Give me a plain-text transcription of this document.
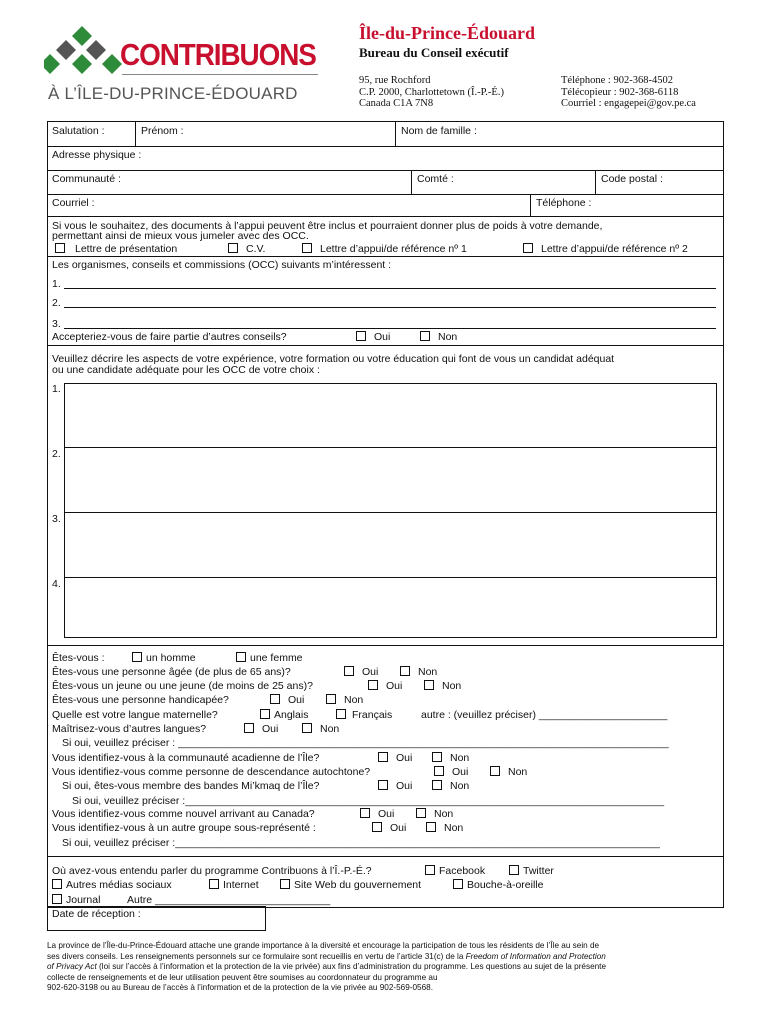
CONTRIBUONS
À L’ÎLE-DU-PRINCE-ÉDOUARD
Île-du-Prince-Édouard
Bureau du Conseil exécutif
95, rue Rochford
C.P. 2000, Charlottetown (Î.-P.-É.)
Canada C1A 7N8
Téléphone : 902-368-4502
Télécopieur : 902-368-6118
Courriel : engagepei@gov.pe.ca
Salutation :	Prénom :	Nom de famille :
Adresse physique :
Communauté :	Comté :	Code postal :
Courriel :	Téléphone :
Si vous le souhaitez, des documents à l’appui peuvent être inclus et pourraient donner plus de poids à votre demande,
permettant ainsi de mieux vous jumeler avec des OCC.
Lettre de présentation	C.V.	Lettre d’appui/de référence nº 1	Lettre d’appui/de référence nº 2
Les organismes, conseils et commissions (OCC) suivants m’intéressent :
1.
2.
3.
Accepteriez-vous de faire partie d’autres conseils?	Oui	Non
Veuillez décrire les aspects de votre expérience, votre formation ou votre éducation qui font de vous un candidat adéquat
ou une candidate adéquate pour les OCC de votre choix :
1.
2.
3.
4.
Êtes-vous :	un homme	une femme
Êtes-vous une personne âgée (de plus de 65 ans)?	Oui	Non
Êtes-vous un jeune ou une jeune (de moins de 25 ans)?	Oui	Non
Êtes-vous une personne handicapée?	Oui	Non
Quelle est votre langue maternelle?	Anglais	Français	autre : (veuillez préciser) ______________________
Maîtrisez-vous d’autres langues?	Oui	Non
Si oui, veuillez préciser : ____________________________________________________________________________________
Vous identifiez-vous à la communauté acadienne de l’Île?	Oui	Non
Vous identifiez-vous comme personne de descendance autochtone?	Oui	Non
Si oui, êtes-vous membre des bandes Mi’kmaq de l’Île?	Oui	Non
Si oui, veuillez préciser :__________________________________________________________________________________
Vous identifiez-vous comme nouvel arrivant au Canada?	Oui	Non
Vous identifiez-vous à un autre groupe sous-représenté :	Oui	Non
Si oui, veuillez préciser :___________________________________________________________________________________
Où avez-vous entendu parler du programme Contribuons à l’Î.-P.-É.?	Facebook	Twitter
Autres médias sociaux	Internet	Site Web du gouvernement	Bouche-à-oreille
Journal	Autre ______________________________
Date de réception :
La province de l’Île-du-Prince-Édouard attache une grande importance à la diversité et encourage la participation de tous les résidents de l’Île au sein de
ses divers conseils. Les renseignements personnels sur ce formulaire sont recueillis en vertu de l’article 31(c) de la Freedom of Information and Protection
of Privacy Act (loi sur l’accès à l’information et la protection de la vie privée) aux fins d’administration du programme. Les questions au sujet de la présente
collecte de renseignements et de leur utilisation peuvent être soumises au coordonnateur du programme au
902-620-3198 ou au Bureau de l’accès à l’information et de la protection de la vie privée au 902-569-0568.
